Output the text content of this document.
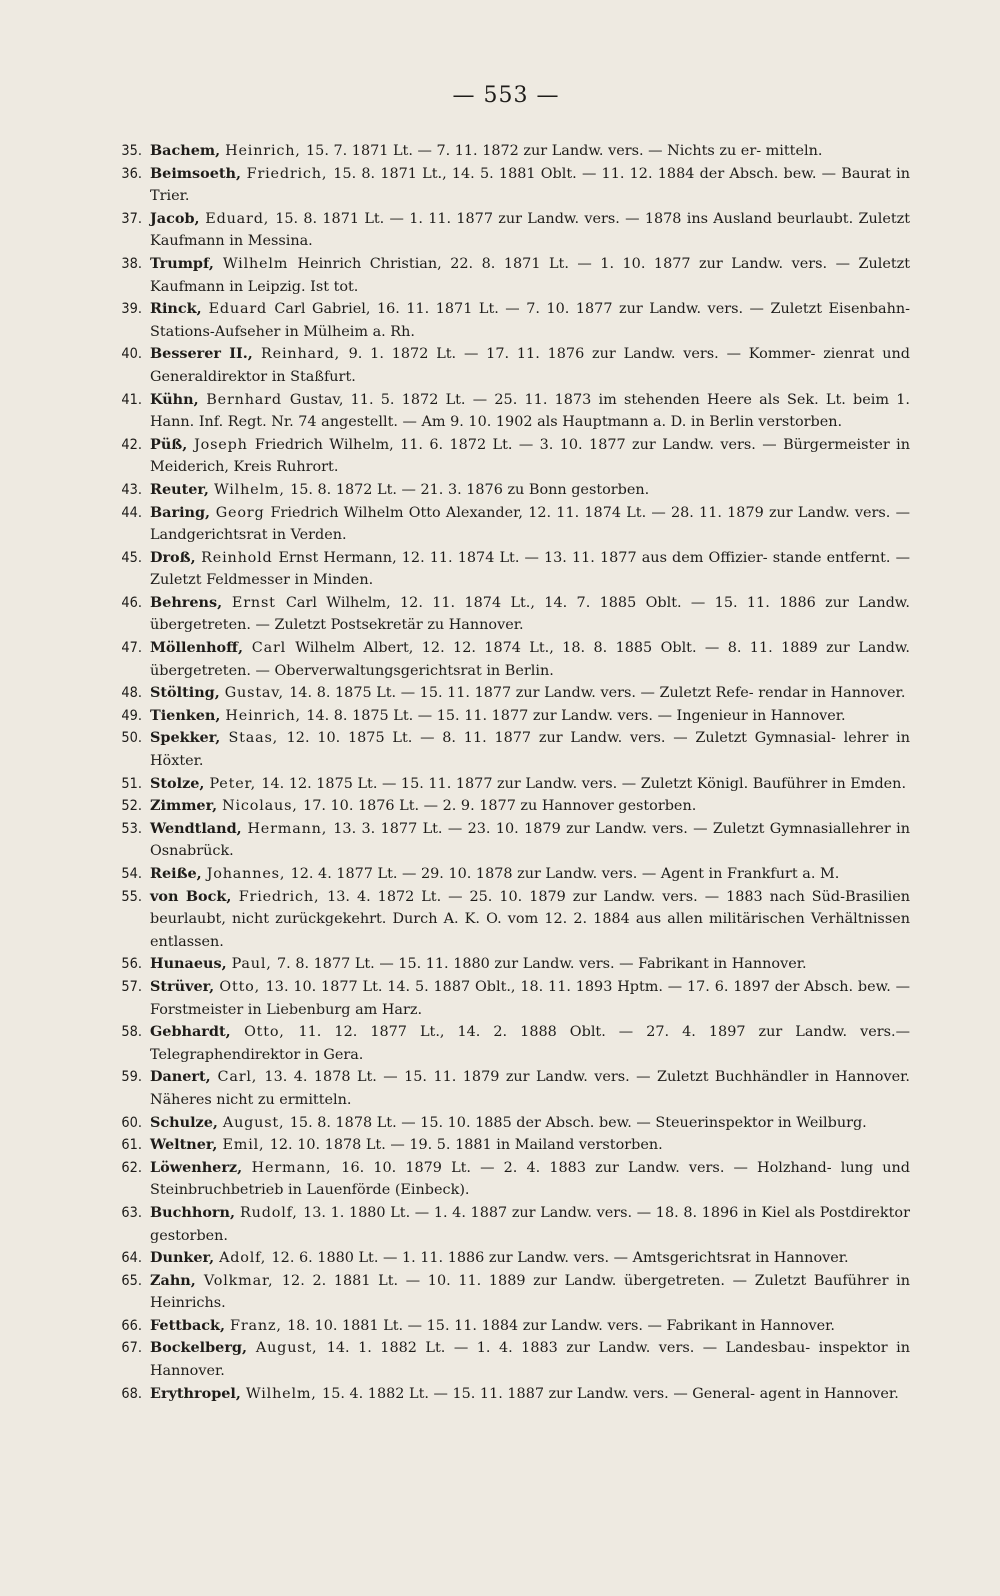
— 553 —
35. Bachem, Heinrich, 15. 7. 1871 Lt. — 7. 11. 1872 zur Landw. vers. — Nichts zu er- mitteln.
36. Beimsoeth, Friedrich, 15. 8. 1871 Lt., 14. 5. 1881 Oblt. — 11. 12. 1884 der Absch. bew. — Baurat in Trier.
37. Jacob, Eduard, 15. 8. 1871 Lt. — 1. 11. 1877 zur Landw. vers. — 1878 ins Ausland beurlaubt. Zuletzt Kaufmann in Messina.
38. Trumpf, Wilhelm Heinrich Christian, 22. 8. 1871 Lt. — 1. 10. 1877 zur Landw. vers. — Zuletzt Kaufmann in Leipzig. Ist tot.
39. Rinck, Eduard Carl Gabriel, 16. 11. 1871 Lt. — 7. 10. 1877 zur Landw. vers. — Zuletzt Eisenbahn-Stations-Aufseher in Mülheim a. Rh.
40. Besserer II., Reinhard, 9. 1. 1872 Lt. — 17. 11. 1876 zur Landw. vers. — Kommer- zienrat und Generaldirektor in Staßfurt.
41. Kühn, Bernhard Gustav, 11. 5. 1872 Lt. — 25. 11. 1873 im stehenden Heere als Sek. Lt. beim 1. Hann. Inf. Regt. Nr. 74 angestellt. — Am 9. 10. 1902 als Hauptmann a. D. in Berlin verstorben.
42. Püß, Joseph Friedrich Wilhelm, 11. 6. 1872 Lt. — 3. 10. 1877 zur Landw. vers. — Bürgermeister in Meiderich, Kreis Ruhrort.
43. Reuter, Wilhelm, 15. 8. 1872 Lt. — 21. 3. 1876 zu Bonn gestorben.
44. Baring, Georg Friedrich Wilhelm Otto Alexander, 12. 11. 1874 Lt. — 28. 11. 1879 zur Landw. vers. — Landgerichtsrat in Verden.
45. Droß, Reinhold Ernst Hermann, 12. 11. 1874 Lt. — 13. 11. 1877 aus dem Offizier- stande entfernt. — Zuletzt Feldmesser in Minden.
46. Behrens, Ernst Carl Wilhelm, 12. 11. 1874 Lt., 14. 7. 1885 Oblt. — 15. 11. 1886 zur Landw. übergetreten. — Zuletzt Postsekretär zu Hannover.
47. Möllenhoff, Carl Wilhelm Albert, 12. 12. 1874 Lt., 18. 8. 1885 Oblt. — 8. 11. 1889 zur Landw. übergetreten. — Oberverwaltungsgerichtsrat in Berlin.
48. Stölting, Gustav, 14. 8. 1875 Lt. — 15. 11. 1877 zur Landw. vers. — Zuletzt Refe- rendar in Hannover.
49. Tienken, Heinrich, 14. 8. 1875 Lt. — 15. 11. 1877 zur Landw. vers. — Ingenieur in Hannover.
50. Spekker, Staas, 12. 10. 1875 Lt. — 8. 11. 1877 zur Landw. vers. — Zuletzt Gymnasial- lehrer in Höxter.
51. Stolze, Peter, 14. 12. 1875 Lt. — 15. 11. 1877 zur Landw. vers. — Zuletzt Königl. Bauführer in Emden.
52. Zimmer, Nicolaus, 17. 10. 1876 Lt. — 2. 9. 1877 zu Hannover gestorben.
53. Wendtland, Hermann, 13. 3. 1877 Lt. — 23. 10. 1879 zur Landw. vers. — Zuletzt Gymnasiallehrer in Osnabrück.
54. Reiße, Johannes, 12. 4. 1877 Lt. — 29. 10. 1878 zur Landw. vers. — Agent in Frankfurt a. M.
55. von Bock, Friedrich, 13. 4. 1872 Lt. — 25. 10. 1879 zur Landw. vers. — 1883 nach Süd-Brasilien beurlaubt, nicht zurückgekehrt. Durch A. K. O. vom 12. 2. 1884 aus allen militärischen Verhältnissen entlassen.
56. Hunaeus, Paul, 7. 8. 1877 Lt. — 15. 11. 1880 zur Landw. vers. — Fabrikant in Hannover.
57. Strüver, Otto, 13. 10. 1877 Lt. 14. 5. 1887 Oblt., 18. 11. 1893 Hptm. — 17. 6. 1897 der Absch. bew. — Forstmeister in Liebenburg am Harz.
58. Gebhardt, Otto, 11. 12. 1877 Lt., 14. 2. 1888 Oblt. — 27. 4. 1897 zur Landw. vers.— Telegraphendirektor in Gera.
59. Danert, Carl, 13. 4. 1878 Lt. — 15. 11. 1879 zur Landw. vers. — Zuletzt Buchhändler in Hannover. Näheres nicht zu ermitteln.
60. Schulze, August, 15. 8. 1878 Lt. — 15. 10. 1885 der Absch. bew. — Steuerinspektor in Weilburg.
61. Weltner, Emil, 12. 10. 1878 Lt. — 19. 5. 1881 in Mailand verstorben.
62. Löwenherz, Hermann, 16. 10. 1879 Lt. — 2. 4. 1883 zur Landw. vers. — Holzhand- lung und Steinbruchbetrieb in Lauenförde (Einbeck).
63. Buchhorn, Rudolf, 13. 1. 1880 Lt. — 1. 4. 1887 zur Landw. vers. — 18. 8. 1896 in Kiel als Postdirektor gestorben.
64. Dunker, Adolf, 12. 6. 1880 Lt. — 1. 11. 1886 zur Landw. vers. — Amtsgerichtsrat in Hannover.
65. Zahn, Volkmar, 12. 2. 1881 Lt. — 10. 11. 1889 zur Landw. übergetreten. — Zuletzt Bauführer in Heinrichs.
66. Fettback, Franz, 18. 10. 1881 Lt. — 15. 11. 1884 zur Landw. vers. — Fabrikant in Hannover.
67. Bockelberg, August, 14. 1. 1882 Lt. — 1. 4. 1883 zur Landw. vers. — Landesbau- inspektor in Hannover.
68. Erythropel, Wilhelm, 15. 4. 1882 Lt. — 15. 11. 1887 zur Landw. vers. — General- agent in Hannover.
